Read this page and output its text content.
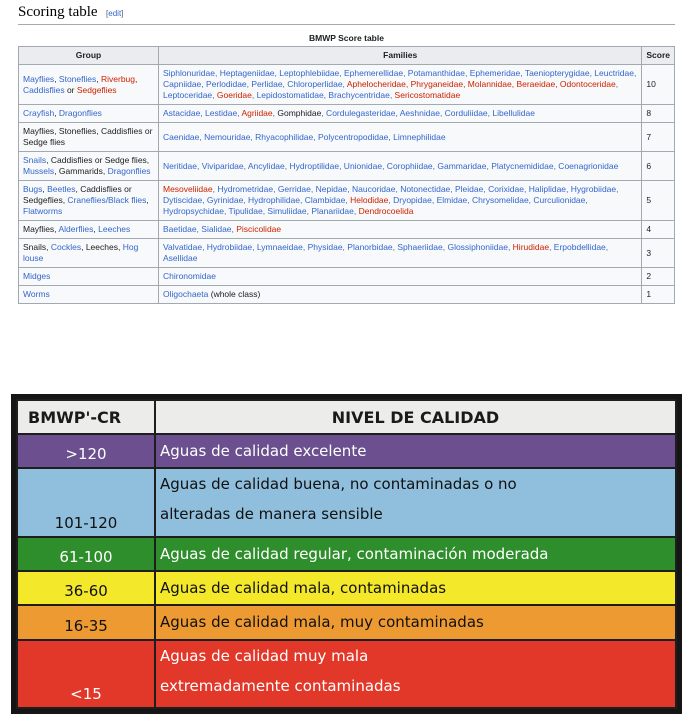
Scoring table [edit]
BMWP Score table
Group	Families	Score
Mayflies, Stoneflies, Riverbug, Caddisflies or Sedgeflies	Siphlonuridae, Heptageniidae, Leptophlebiidae, Ephemerellidae, Potamanthidae, Ephemeridae, Taeniopterygidae, Leuctridae, Capniidae, Perlodidae, Perlidae, Chloroperlidae, Aphelocheridae, Phryganeidae, Molannidae, Beraeidae, Odontoceridae, Leptoceridae, Goeridae, Lepidostomatidae, Brachycentridae, Sericostomatidae	10
Crayfish, Dragonflies	Astacidae, Lestidae, Agriidae, Gomphidae, Cordulegasteridae, Aeshnidae, Corduliidae, Libellulidae	8
Mayflies, Stoneflies, Caddisflies or Sedge flies	Caenidae, Nemouridae, Rhyacophilidae, Polycentropodidae, Limnephilidae	7
Snails, Caddisflies or Sedge flies, Mussels, Gammarids, Dragonflies	Neritidae, Viviparidae, Ancylidae, Hydroptilidae, Unionidae, Corophiidae, Gammaridae, Platycnemididae, Coenagrionidae	6
Bugs, Beetles, Caddisflies or Sedgeflies, Craneflies/Black flies, Flatworms	Mesoveliidae, Hydrometridae, Gerridae, Nepidae, Naucoridae, Notonectidae, Pleidae, Corixidae, Haliplidae, Hygrobiidae, Dytiscidae, Gyrinidae, Hydrophilidae, Clambidae, Helodidae, Dryopidae, Elmidae, Chrysomelidae, Curculionidae, Hydropsychidae, Tipulidae, Simuliidae, Planariidae, Dendrocoelida	5
Mayflies, Alderflies, Leeches	Baetidae, Sialidae, Piscicolidae	4
Snails, Cockles, Leeches, Hog louse	Valvatidae, Hydrobiidae, Lymnaeidae, Physidae, Planorbidae, Sphaeriidae, Glossiphoniidae, Hirudidae, Erpobdellidae, Asellidae	3
Midges	Chironomidae	2
Worms	Oligochaeta (whole class)	1
BMWP'-CR	NIVEL DE CALIDAD
>120	Aguas de calidad excelente
101-120	Aguas de calidad buena, no contaminadas o no
alteradas de manera sensible
61-100	Aguas de calidad regular, contaminación moderada
36-60	Aguas de calidad mala, contaminadas
16-35	Aguas de calidad mala, muy contaminadas
<15	Aguas de calidad muy mala
extremadamente contaminadas
